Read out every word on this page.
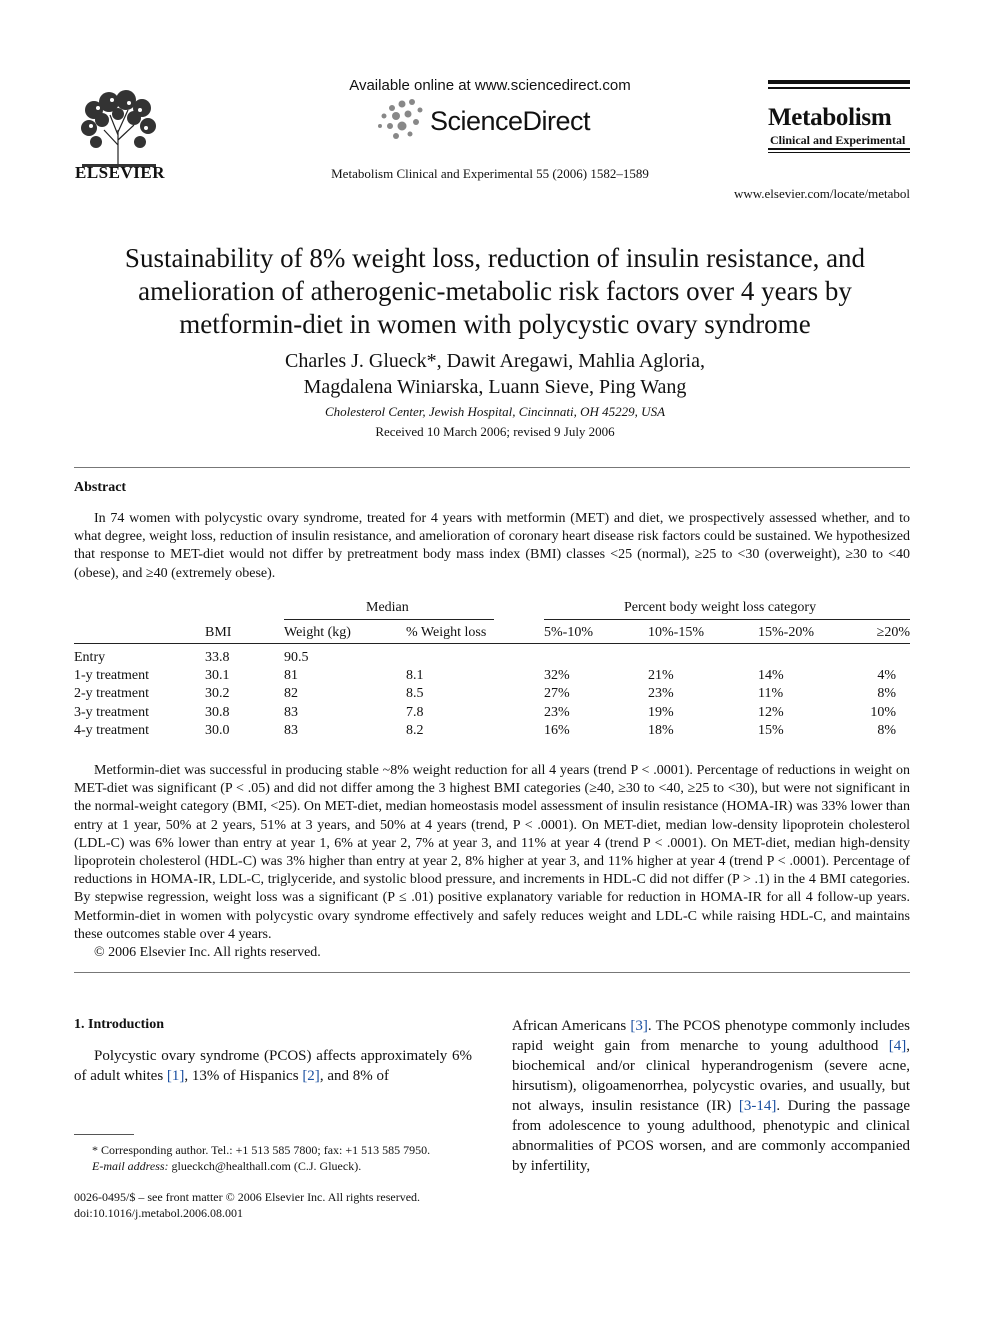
ELSEVIER
Available online at www.sciencedirect.com
ScienceDirect
Metabolism Clinical and Experimental 55 (2006) 1582–1589
Metabolism
Clinical and Experimental
www.elsevier.com/locate/metabol
Sustainability of 8% weight loss, reduction of insulin resistance, and amelioration of atherogenic-metabolic risk factors over 4 years by metformin-diet in women with polycystic ovary syndrome
Charles J. Glueck*, Dawit Aregawi, Mahlia Agloria,
Magdalena Winiarska, Luann Sieve, Ping Wang
Cholesterol Center, Jewish Hospital, Cincinnati, OH 45229, USA
Received 10 March 2006; revised 9 July 2006
Abstract
In 74 women with polycystic ovary syndrome, treated for 4 years with metformin (MET) and diet, we prospectively assessed whether, and to what degree, weight loss, reduction of insulin resistance, and amelioration of coronary heart disease risk factors could be sustained. We hypothesized that response to MET-diet would not differ by pretreatment body mass index (BMI) classes <25 (normal), ≥25 to <30 (overweight), ≥30 to <40 (obese), and ≥40 (extremely obese).
Median	Percent body weight loss category
BMI	Weight (kg)	% Weight loss	5%-10%	10%-15%	15%-20%	≥20%
Entry	33.8	90.5
1-y treatment	30.1	81	8.1	32%	21%	14%	4%
2-y treatment	30.2	82	8.5	27%	23%	11%	8%
3-y treatment	30.8	83	7.8	23%	19%	12%	10%
4-y treatment	30.0	83	8.2	16%	18%	15%	8%
Metformin-diet was successful in producing stable ~8% weight reduction for all 4 years (trend P < .0001). Percentage of reductions in weight on MET-diet was significant (P < .05) and did not differ among the 3 highest BMI categories (≥40, ≥30 to <40, ≥25 to <30), but were not significant in the normal-weight category (BMI, <25). On MET-diet, median homeostasis model assessment of insulin resistance (HOMA-IR) was 33% lower than entry at 1 year, 50% at 2 years, 51% at 3 years, and 50% at 4 years (trend, P < .0001). On MET-diet, median low-density lipoprotein cholesterol (LDL-C) was 6% lower than entry at year 1, 6% at year 2, 7% at year 3, and 11% at year 4 (trend P < .0001). On MET-diet, median high-density lipoprotein cholesterol (HDL-C) was 3% higher than entry at year 2, 8% higher at year 3, and 11% higher at year 4 (trend P < .0001). Percentage of reductions in HOMA-IR, LDL-C, triglyceride, and systolic blood pressure, and increments in HDL-C did not differ (P > .1) in the 4 BMI categories. By stepwise regression, weight loss was a significant (P ≤ .01) positive explanatory variable for reduction in HOMA-IR for all 4 follow-up years. Metformin-diet in women with polycystic ovary syndrome effectively and safely reduces weight and LDL-C while raising HDL-C, and maintains these outcomes stable over 4 years.
© 2006 Elsevier Inc. All rights reserved.
1. Introduction
Polycystic ovary syndrome (PCOS) affects approximately 6% of adult whites [1], 13% of Hispanics [2], and 8% of
African Americans [3]. The PCOS phenotype commonly includes rapid weight gain from menarche to young adulthood [4], biochemical and/or clinical hyperandrogenism (severe acne, hirsutism), oligoamenorrhea, polycystic ovaries, and usually, but not always, insulin resistance (IR) [3-14]. During the passage from adolescence to young adulthood, phenotypic and clinical abnormalities of PCOS worsen, and are commonly accompanied by infertility,
* Corresponding author. Tel.: +1 513 585 7800; fax: +1 513 585 7950.
E-mail address: glueckch@healthall.com (C.J. Glueck).
0026-0495/$ – see front matter © 2006 Elsevier Inc. All rights reserved.
doi:10.1016/j.metabol.2006.08.001
